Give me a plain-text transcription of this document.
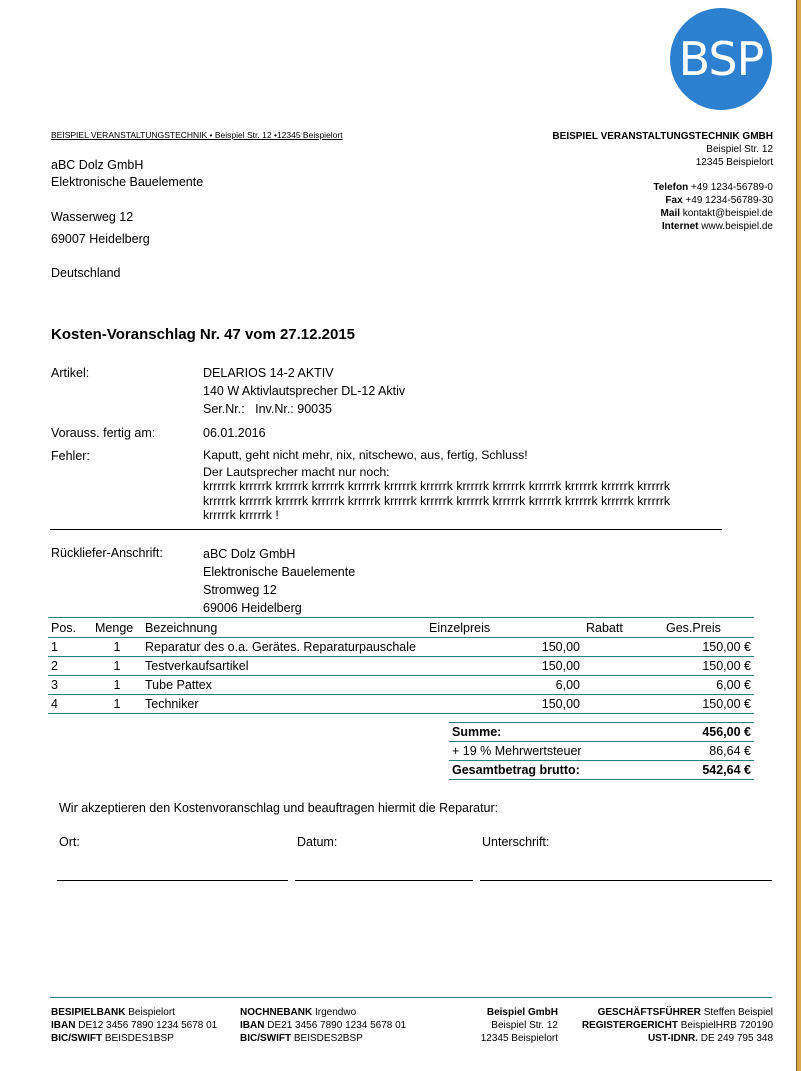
BSP
BEISPIEL VERANSTALTUNGSTECHNIK • Beispiel Str. 12 •12345 Beispielort	BEISPIEL VERANSTALTUNGSTECHNIK GMBH
Beispiel Str. 12
12345 Beispielort
Telefon +49 1234-56789-0
Fax +49 1234-56789-30
Mail kontakt@beispiel.de
Internet www.beispiel.de
aBC Dolz GmbH
Elektronische Bauelemente
Wasserweg 12
69007 Heidelberg
Deutschland
Kosten-Voranschlag Nr. 47 vom 27.12.2015
Artikel:	DELARIOS 14-2 AKTIV
140 W Aktivlautsprecher DL-12 Aktiv
Ser.Nr.:   Inv.Nr.: 90035
Vorauss. fertig am:	06.01.2016
Fehler:	Kaputt, geht nicht mehr, nix, nitschewo, aus, fertig, Schluss!
Der Lautsprecher macht nur noch:
krrrrrk krrrrrk krrrrrk krrrrrk krrrrrk krrrrrk krrrrrk krrrrrk krrrrrk krrrrrk krrrrrk krrrrrk krrrrrk
krrrrrk krrrrrk krrrrrk krrrrrk krrrrrk krrrrrk krrrrrk krrrrrk krrrrrk krrrrrk krrrrrk krrrrrk krrrrrk
krrrrrk krrrrrk !
Rückliefer-Anschrift:	aBC Dolz GmbH
Elektronische Bauelemente
Stromweg 12
69006 Heidelberg
Pos.	Menge	Bezeichnung	Einzelpreis	Rabatt	Ges.Preis
1	1	Reparatur des o.a. Gerätes. Reparaturpauschale	150,00		150,00 €
2	1	Testverkaufsartikel	150,00		150,00 €
3	1	Tube Pattex	6,00		6,00 €
4	1	Techniker	150,00		150,00 €
Summe:	456,00 €
+ 19 % Mehrwertsteuer	86,64 €
Gesamtbetrag brutto:	542,64 €
Wir akzeptieren den Kostenvoranschlag und beauftragen hiermit die Reparatur:
Ort:	Datum:	Unterschrift:
BESIPIELBANK Beispielort
IBAN DE12 3456 7890 1234 5678 01
BIC/SWIFT BEISDES1BSP
NOCHNEBANK Irgendwo
IBAN DE21 3456 7890 1234 5678 01
BIC/SWIFT BEISDES2BSP
Beispiel GmbH
Beispiel Str. 12
12345 Beispielort
GESCHÄFTSFÜHRER Steffen Beispiel
REGISTERGERICHT BeispielHRB 720190
UST-IDNR. DE 249 795 348
